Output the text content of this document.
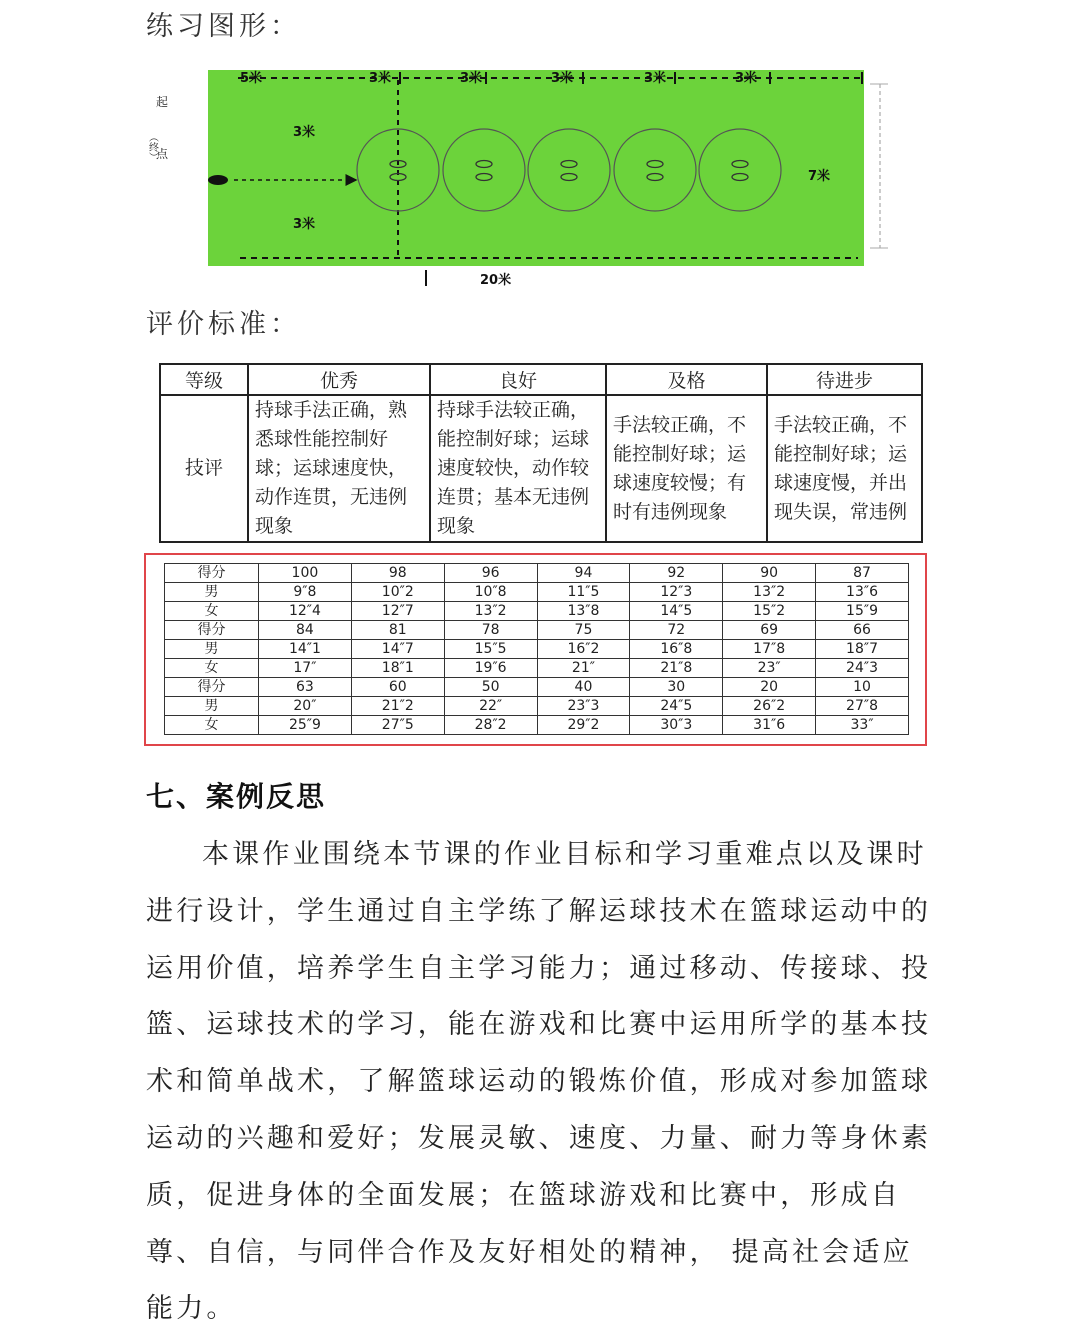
练习图形：
起
（终）
点
5米	3米	3米	3米	3米	3米
3米
3米
7米
20米
评价标准：
等级	优秀	良好	及格	待进步
技评	持球手法正确，熟悉球性能控制好球；运球速度快， 动作连贯，无违例现象	持球手法较正确，能控制好球；运球速度较快，动作较连贯；基本无违例现象	手法较正确，不能控制好球；运球速度较慢；有时有违例现象	手法较正确，不能控制好球；运球速度慢，并出现失误，常违例
得分	100	98	96	94	92	90	87
男	9″8	10″2	10″8	11″5	12″3	13″2	13″6
女	12″4	12″7	13″2	13″8	14″5	15″2	15″9
得分	84	81	78	75	72	69	66
男	14″1	14″7	15″5	16″2	16″8	17″8	18″7
女	17″	18″1	19″6	21″	21″8	23″	24″3
得分	63	60	50	40	30	20	10
男	20″	21″2	22″	23″3	24″5	26″2	27″8
女	25″9	27″5	28″2	29″2	30″3	31″6	33″
七、案例反思

本课作业围绕本节课的作业目标和学习重难点以及课时进行设计，学生通过自主学练了解运球技术在篮球运动中的运用价值，培养学生自主学习能力；通过移动、传接球、投篮、运球技术的学习，能在游戏和比赛中运用所学的基本技术和简单战术，了解篮球运动的锻炼价值，形成对参加篮球运动的兴趣和爱好；发展灵敏、速度、力量、耐力等身休素质，促进身体的全面发展；在篮球游戏和比赛中，形成自尊、自信，与同伴合作及友好相处的精神， 提高社会适应能力。
